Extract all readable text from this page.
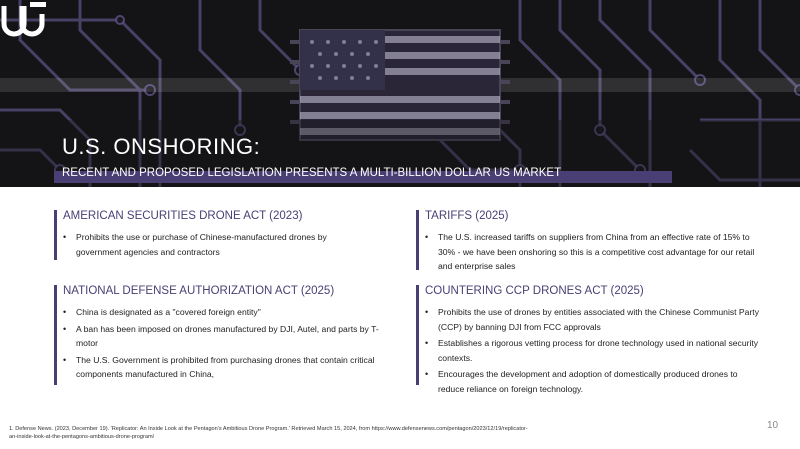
U.S. ONSHORING:

RECENT AND PROPOSED LEGISLATION PRESENTS A MULTI-BILLION DOLLAR US MARKET

AMERICAN SECURITIES DRONE ACT (2023)
• Prohibits the use or purchase of Chinese-manufactured drones by government agencies and contractors
TARIFFS (2025)
• The U.S. increased tariffs on suppliers from China from an effective rate of 15% to 30% - we have been onshoring so this is a competitive cost advantage for our retail and enterprise sales
NATIONAL DEFENSE AUTHORIZATION ACT (2025)
• China is designated as a "covered foreign entity"
• A ban has been imposed on drones manufactured by DJI, Autel, and parts by T-motor
• The U.S. Government is prohibited from purchasing drones that contain critical components manufactured in China,
COUNTERING CCP DRONES ACT (2025)
• Prohibits the use of drones by entities associated with the Chinese Communist Party (CCP) by banning DJI from FCC approvals
• Establishes a rigorous vetting process for drone technology used in national security contexts.
• Encourages the development and adoption of domestically produced drones to reduce reliance on foreign technology.

1. Defense News. (2023, December 19). 'Replicator: An Inside Look at the Pentagon's Ambitious Drone Program.' Retrieved March 15, 2024, from https://www.defensenews.com/pentagon/2023/12/19/replicator-an-inside-look-at-the-pentagons-ambitious-drone-program/

10
